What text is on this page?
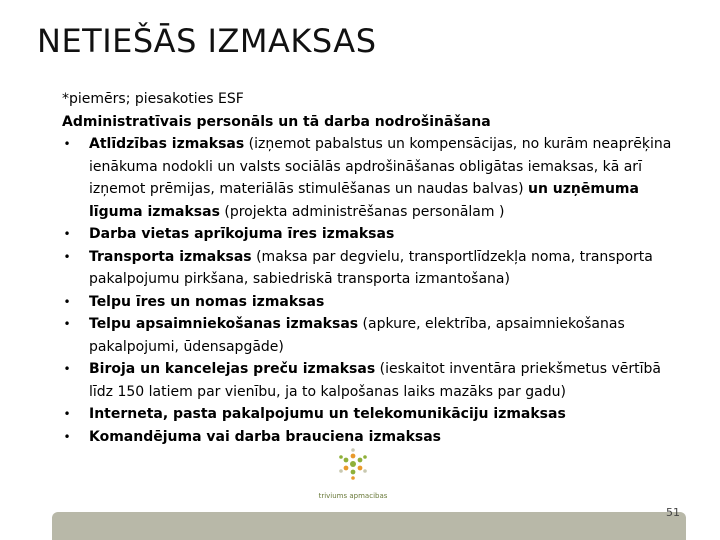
NETIEŠĀS IZMAKSAS
*piemērs; piesakoties ESF
Administratīvais personāls un tā darba nodrošināšana
• Atlīdzības izmaksas (izņemot pabalstus un kompensācijas, no kurām neaprēķina ienākuma nodokli un valsts sociālās apdrošināšanas obligātas iemaksas, kā arī izņemot prēmijas, materiālās stimulēšanas un naudas balvas) un uzņēmuma līguma izmaksas (projekta administrēšanas personālam )
• Darba vietas aprīkojuma īres izmaksas
• Transporta izmaksas (maksa par degvielu, transportlīdzekļa noma, transporta pakalpojumu pirkšana, sabiedriskā transporta izmantošana)
• Telpu īres un nomas izmaksas
• Telpu apsaimniekošanas izmaksas (apkure, elektrība, apsaimniekošanas pakalpojumi, ūdensapgāde)
• Biroja un kancelejas preču izmaksas (ieskaitot inventāra priekšmetus vērtībā līdz 150 latiem par vienību, ja to kalpošanas laiks mazāks par gadu)
• Interneta, pasta pakalpojumu un telekomunikāciju izmaksas
• Komandējuma vai darba brauciena izmaksas
triviums apmacibas
51
